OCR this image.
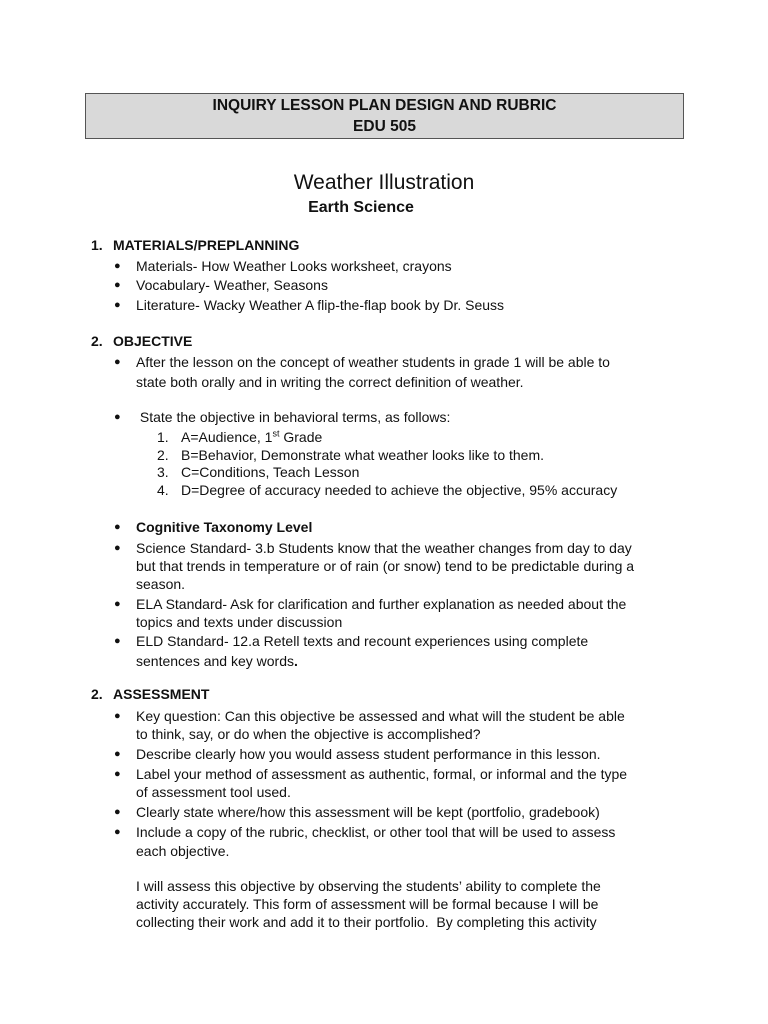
INQUIRY LESSON PLAN DESIGN AND RUBRIC
EDU 505
Weather Illustration
Earth Science
1. MATERIALS/PREPLANNING
● Materials- How Weather Looks worksheet, crayons
● Vocabulary- Weather, Seasons
● Literature- Wacky Weather A flip-the-flap book by Dr. Seuss
2. OBJECTIVE
● After the lesson on the concept of weather students in grade 1 will be able to
state both orally and in writing the correct definition of weather.
● State the objective in behavioral terms, as follows:
1. A=Audience, 1st Grade
2. B=Behavior, Demonstrate what weather looks like to them.
3. C=Conditions, Teach Lesson
4. D=Degree of accuracy needed to achieve the objective, 95% accuracy
● Cognitive Taxonomy Level
● Science Standard- 3.b Students know that the weather changes from day to day
but that trends in temperature or of rain (or snow) tend to be predictable during a
season.
● ELA Standard- Ask for clarification and further explanation as needed about the
topics and texts under discussion
● ELD Standard- 12.a Retell texts and recount experiences using complete
sentences and key words.
2. ASSESSMENT
● Key question: Can this objective be assessed and what will the student be able
to think, say, or do when the objective is accomplished?
● Describe clearly how you would assess student performance in this lesson.
● Label your method of assessment as authentic, formal, or informal and the type
of assessment tool used.
● Clearly state where/how this assessment will be kept (portfolio, gradebook)
● Include a copy of the rubric, checklist, or other tool that will be used to assess
each objective.
I will assess this objective by observing the students’ ability to complete the
activity accurately. This form of assessment will be formal because I will be
collecting their work and add it to their portfolio.  By completing this activity
